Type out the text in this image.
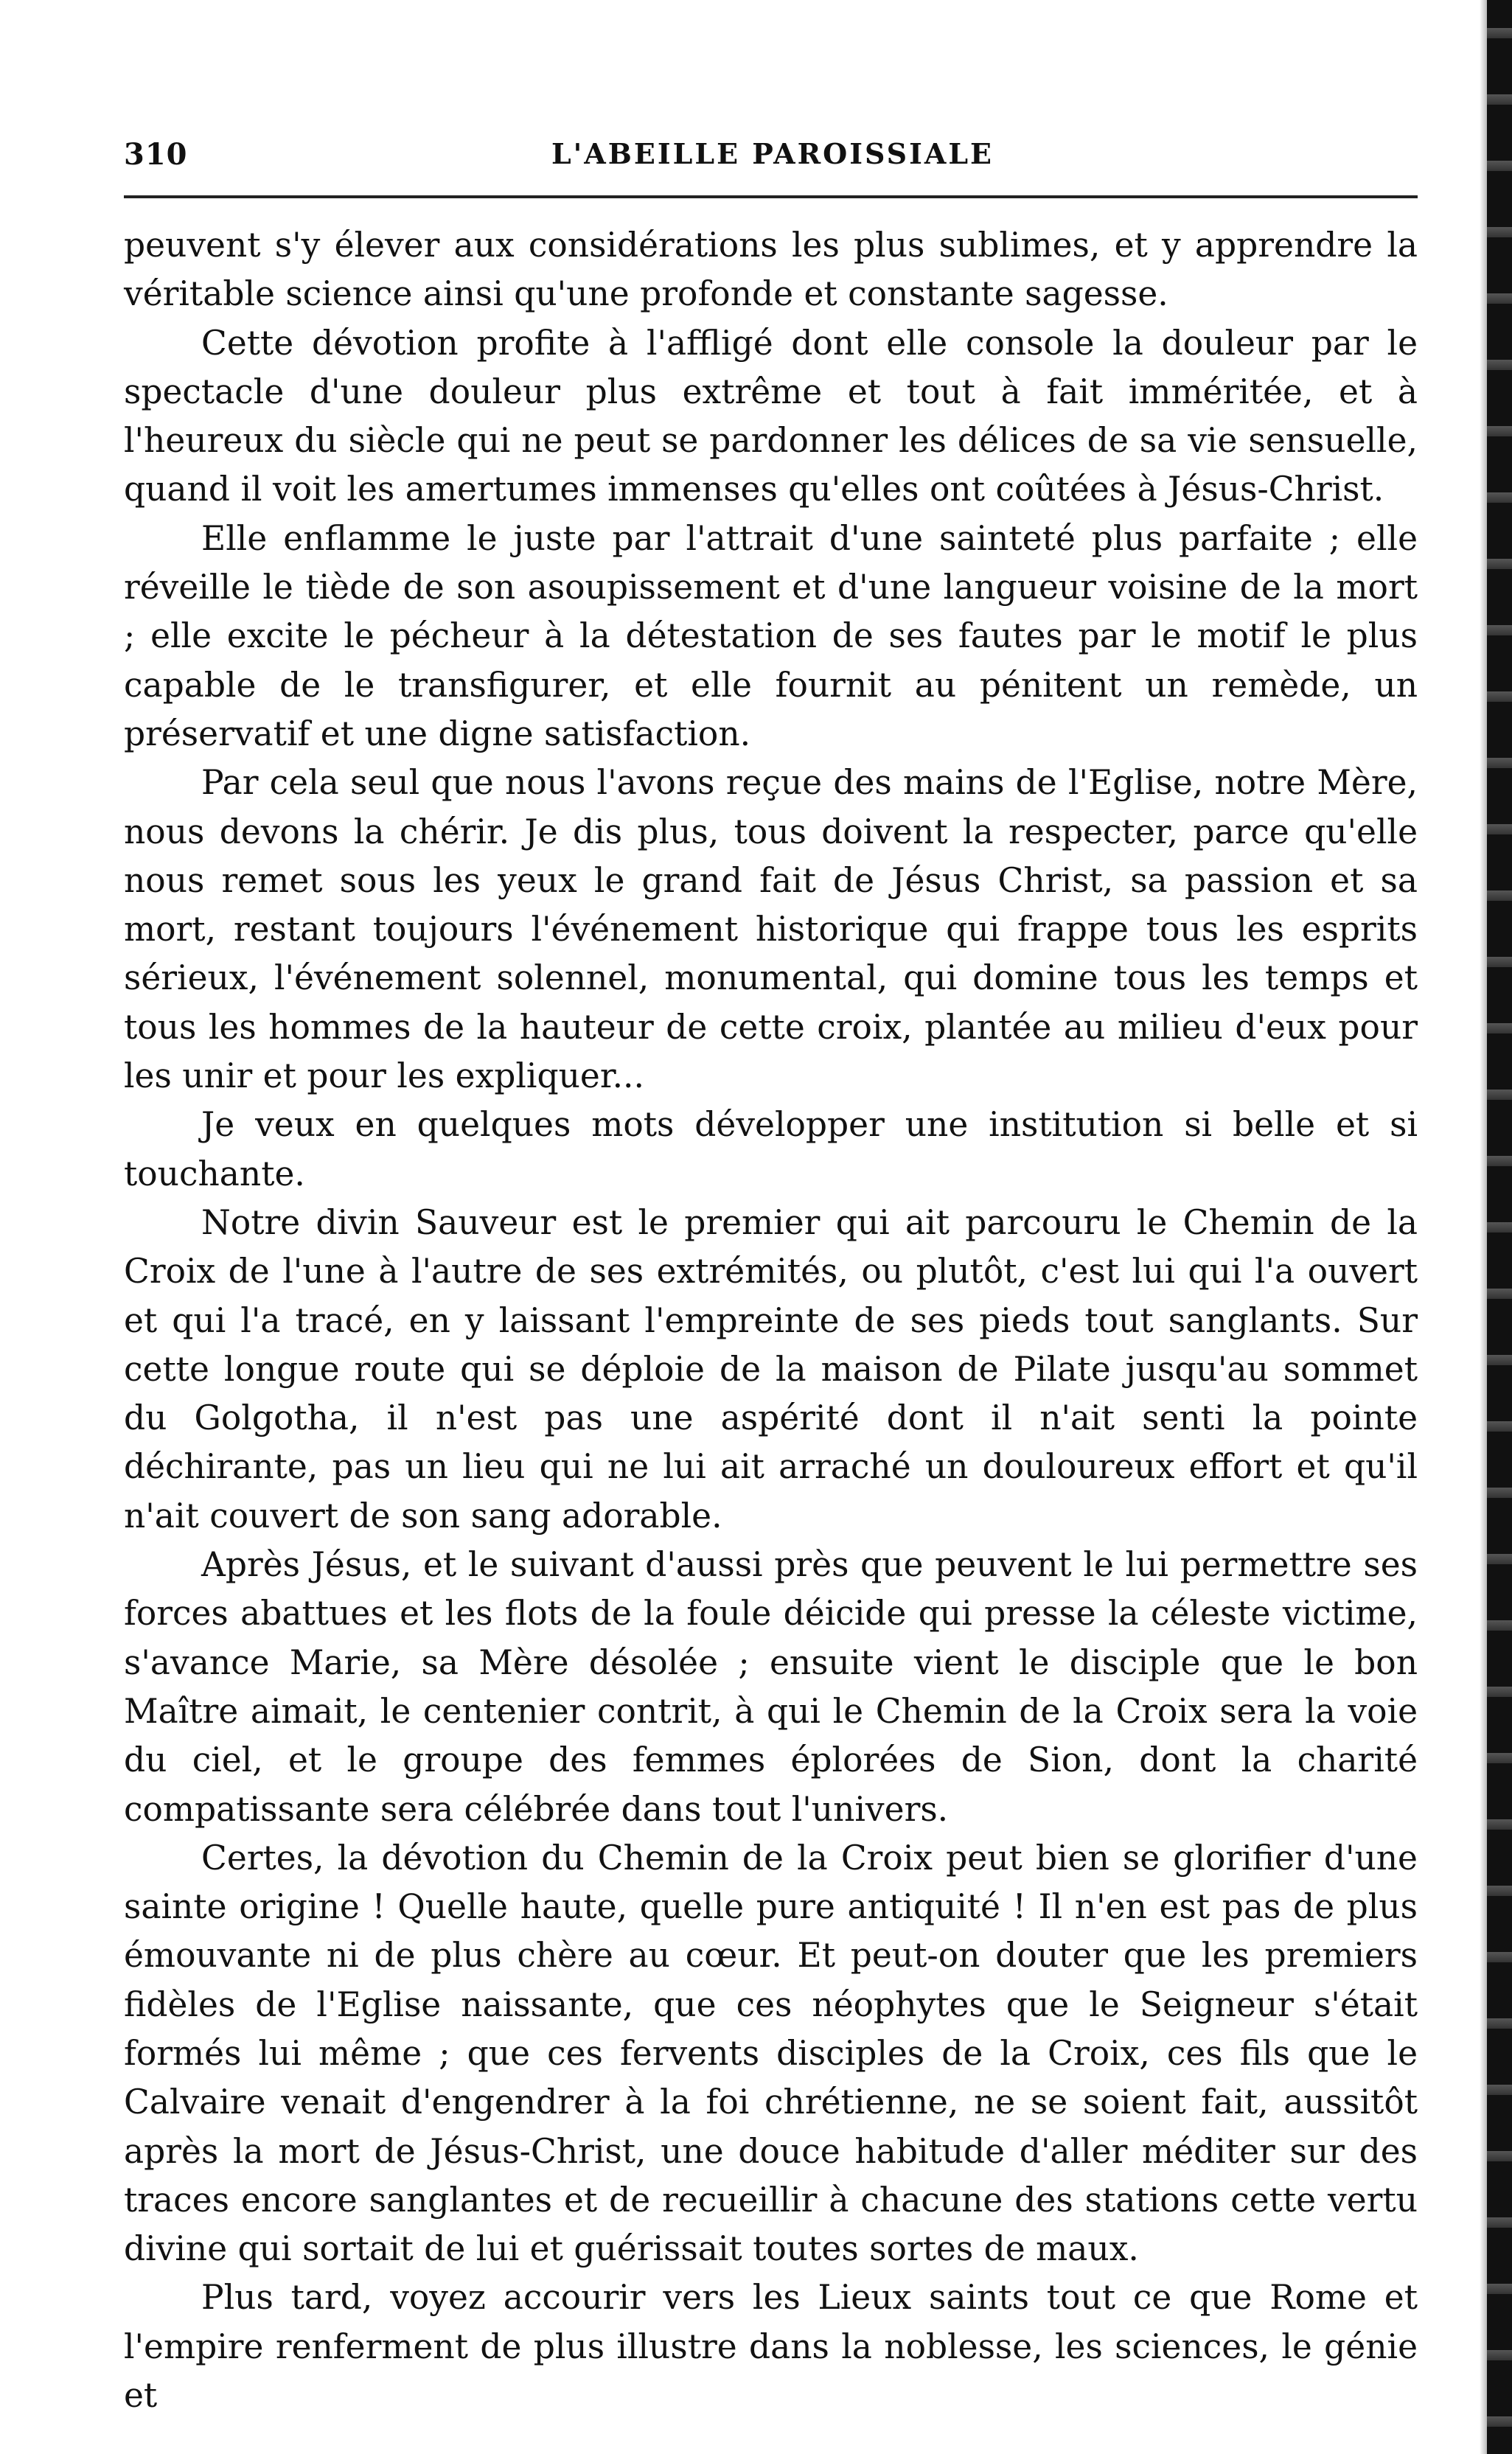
310	L'ABEILLE PAROISSIALE

peuvent s'y élever aux considérations les plus sublimes, et y apprendre la véritable science ainsi qu'une profonde et constante sagesse.

Cette dévotion profite à l'affligé dont elle console la douleur par le spectacle d'une douleur plus extrême et tout à fait imméritée, et à l'heureux du siècle qui ne peut se pardonner les délices de sa vie sensuelle, quand il voit les amertumes immenses qu'elles ont coûtées à Jésus-Christ.

Elle enflamme le juste par l'attrait d'une sainteté plus parfaite ; elle réveille le tiède de son asoupissement et d'une langueur voisine de la mort ; elle excite le pécheur à la détestation de ses fautes par le motif le plus capable de le transfigurer, et elle fournit au pénitent un remède, un préservatif et une digne satisfaction.

Par cela seul que nous l'avons reçue des mains de l'Eglise, notre Mère, nous devons la chérir. Je dis plus, tous doivent la respecter, parce qu'elle nous remet sous les yeux le grand fait de Jésus Christ, sa passion et sa mort, restant toujours l'événement historique qui frappe tous les esprits sérieux, l'événement solennel, monumental, qui domine tous les temps et tous les hommes de la hauteur de cette croix, plantée au milieu d'eux pour les unir et pour les expliquer...

Je veux en quelques mots développer une institution si belle et si touchante.

Notre divin Sauveur est le premier qui ait parcouru le Chemin de la Croix de l'une à l'autre de ses extrémités, ou plutôt, c'est lui qui l'a ouvert et qui l'a tracé, en y laissant l'empreinte de ses pieds tout sanglants. Sur cette longue route qui se déploie de la maison de Pilate jusqu'au sommet du Golgotha, il n'est pas une aspérité dont il n'ait senti la pointe déchirante, pas un lieu qui ne lui ait arraché un douloureux effort et qu'il n'ait couvert de son sang adorable.

Après Jésus, et le suivant d'aussi près que peuvent le lui permettre ses forces abattues et les flots de la foule déicide qui presse la céleste victime, s'avance Marie, sa Mère désolée ; ensuite vient le disciple que le bon Maître aimait, le centenier contrit, à qui le Chemin de la Croix sera la voie du ciel, et le groupe des femmes éplorées de Sion, dont la charité compatissante sera célébrée dans tout l'univers.

Certes, la dévotion du Chemin de la Croix peut bien se glorifier d'une sainte origine ! Quelle haute, quelle pure antiquité ! Il n'en est pas de plus émouvante ni de plus chère au cœur. Et peut-on douter que les premiers fidèles de l'Eglise naissante, que ces néophytes que le Seigneur s'était formés lui même ; que ces fervents disciples de la Croix, ces fils que le Calvaire venait d'engendrer à la foi chrétienne, ne se soient fait, aussitôt après la mort de Jésus-Christ, une douce habitude d'aller méditer sur des traces encore sanglantes et de recueillir à chacune des stations cette vertu divine qui sortait de lui et guérissait toutes sortes de maux.

Plus tard, voyez accourir vers les Lieux saints tout ce que Rome et l'empire renferment de plus illustre dans la noblesse, les sciences, le génie et
